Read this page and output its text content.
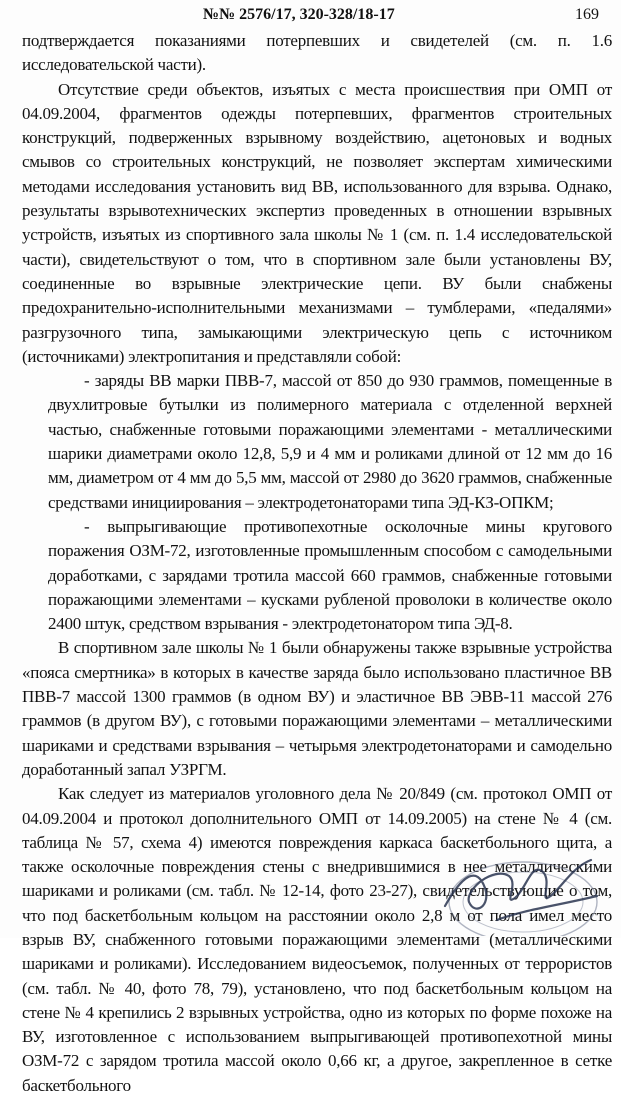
№№ 2576/17, 320-328/18-17	169

подтверждается показаниями потерпевших и свидетелей (см. п. 1.6 исследовательской части).

Отсутствие среди объектов, изъятых с места происшествия при ОМП от 04.09.2004, фрагментов одежды потерпевших, фрагментов строительных конструкций, подверженных взрывному воздействию, ацетоновых и водных смывов со строительных конструкций, не позволяет экспертам химическими методами исследования установить вид ВВ, использованного для взрыва. Однако, результаты взрывотехнических экспертиз проведенных в отношении взрывных устройств, изъятых из спортивного зала школы № 1 (см. п. 1.4 исследовательской части), свидетельствуют о том, что в спортивном зале были установлены ВУ, соединенные во взрывные электрические цепи. ВУ были снабжены предохранительно-исполнительными механизмами – тумблерами, «педалями» разгрузочного типа, замыкающими электрическую цепь с источником (источниками) электропитания и представляли собой:

- заряды ВВ марки ПВВ-7, массой от 850 до 930 граммов, помещенные в двухлитровые бутылки из полимерного материала с отделенной верхней частью, снабженные готовыми поражающими элементами - металлическими шарики диаметрами около 12,8, 5,9 и 4 мм и роликами длиной от 12 мм до 16 мм, диаметром от 4 мм до 5,5 мм, массой от 2980 до 3620 граммов, снабженные средствами инициирования – электродетонаторами типа ЭД-КЗ-ОПКМ;

- выпрыгивающие противопехотные осколочные мины кругового поражения ОЗМ-72, изготовленные промышленным способом с самодельными доработками, с зарядами тротила массой 660 граммов, снабженные готовыми поражающими элементами – кусками рубленой проволоки в количестве около 2400 штук, средством взрывания - электродетонатором типа ЭД-8.

В спортивном зале школы № 1 были обнаружены также взрывные устройства «пояса смертника» в которых в качестве заряда было использовано пластичное ВВ ПВВ-7 массой 1300 граммов (в одном ВУ) и эластичное ВВ ЭВВ-11 массой 276 граммов (в другом ВУ), с готовыми поражающими элементами – металлическими шариками и средствами взрывания – четырьмя электродетонаторами и самодельно доработанный запал УЗРГМ.

Как следует из материалов уголовного дела № 20/849 (см. протокол ОМП от 04.09.2004 и протокол дополнительного ОМП от 14.09.2005) на стене № 4 (см. таблица № 57, схема 4) имеются повреждения каркаса баскетбольного щита, а также осколочные повреждения стены с внедрившимися в нее металлическими шариками и роликами (см. табл. № 12-14, фото 23-27), свидетельствующие о том, что под баскетбольным кольцом на расстоянии около 2,8 м от пола имел место взрыв ВУ, снабженного готовыми поражающими элементами (металлическими шариками и роликами). Исследованием видеосъемок, полученных от террористов (см. табл. № 40, фото 78, 79), установлено, что под баскетбольным кольцом на стене № 4 крепились 2 взрывных устройства, одно из которых по форме похоже на ВУ, изготовленное с использованием выпрыгивающей противопехотной мины ОЗМ-72 с зарядом тротила массой около 0,66 кг, а другое, закрепленное в сетке баскетбольного
